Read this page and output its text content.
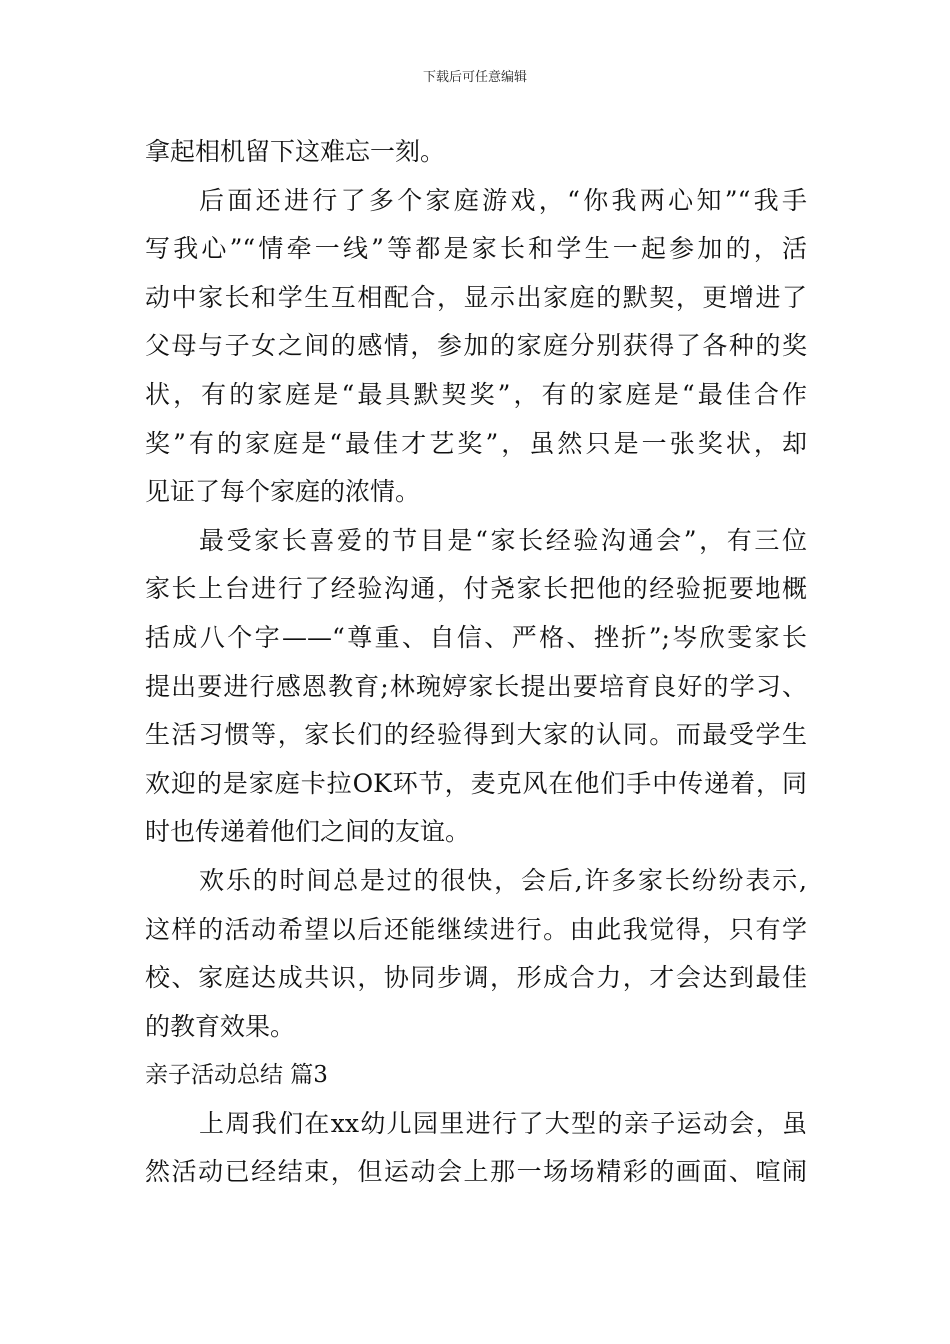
下载后可任意编辑
拿起相机留下这难忘一刻。
后面还进行了多个家庭游戏，“你我两心知”“我手
写我心”“情牵一线”等都是家长和学生一起参加的，活
动中家长和学生互相配合，显示出家庭的默契，更增进了
父母与子女之间的感情，参加的家庭分别获得了各种的奖
状，有的家庭是“最具默契奖”，有的家庭是“最佳合作
奖”有的家庭是“最佳才艺奖”，虽然只是一张奖状，却
见证了每个家庭的浓情。
最受家长喜爱的节目是“家长经验沟通会”，有三位
家长上台进行了经验沟通，付尧家长把他的经验扼要地概
括成八个字——“尊重、自信、严格、挫折”;岑欣雯家长
提出要进行感恩教育;林琬婷家长提出要培育良好的学习、
生活习惯等，家长们的经验得到大家的认同。而最受学生
欢迎的是家庭卡拉OK环节，麦克风在他们手中传递着，同
时也传递着他们之间的友谊。
欢乐的时间总是过的很快，会后,许多家长纷纷表示,
这样的活动希望以后还能继续进行。由此我觉得，只有学
校、家庭达成共识，协同步调，形成合力，才会达到最佳
的教育效果。
亲子活动总结 篇3
上周我们在xx幼儿园里进行了大型的亲子运动会，虽
然活动已经结束，但运动会上那一场场精彩的画面、喧闹
